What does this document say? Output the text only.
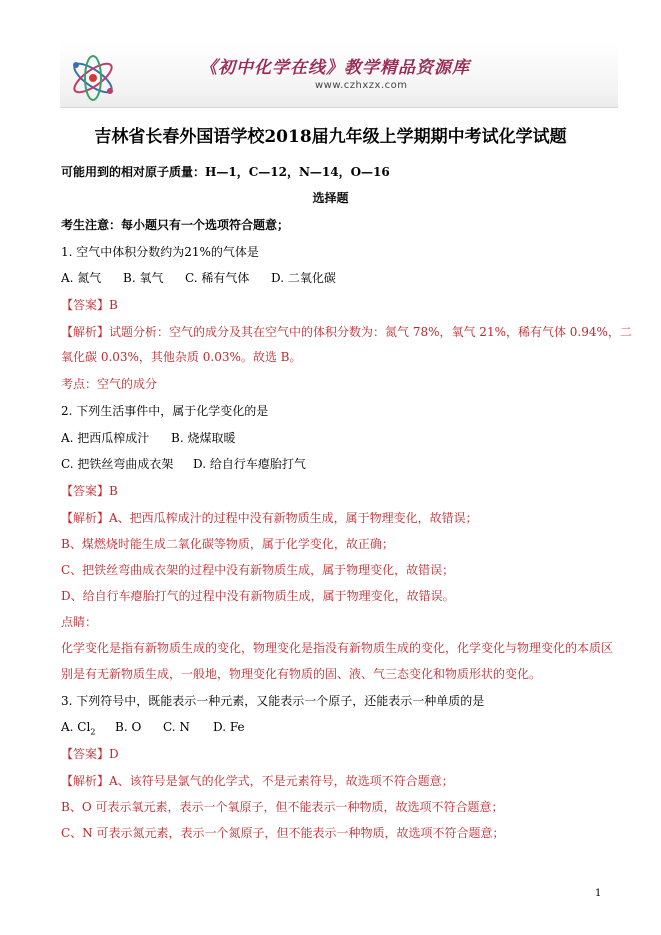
《初中化学在线》教学精品资源库
www.czhxzx.com
吉林省长春外国语学校2018届九年级上学期期中考试化学试题
可能用到的相对原子质量：H—1，C—12，N—14，O—16
选择题
考生注意：每小题只有一个选项符合题意；
1. 空气中体积分数约为21%的气体是
A. 氮气 B. 氧气 C. 稀有气体 D. 二氧化碳
【答案】B
【解析】试题分析：空气的成分及其在空气中的体积分数为：氮气 78%，氧气 21%，稀有气体 0.94%，二
氧化碳 0.03%，其他杂质 0.03%。故选 B。
考点：空气的成分
2. 下列生活事件中，属于化学变化的是
A. 把西瓜榨成汁 B. 烧煤取暖
C. 把铁丝弯曲成衣架 D. 给自行车瘪胎打气
【答案】B
【解析】A、把西瓜榨成汁的过程中没有新物质生成，属于物理变化，故错误；
B、煤燃烧时能生成二氧化碳等物质，属于化学变化，故正确；
C、把铁丝弯曲成衣架的过程中没有新物质生成，属于物理变化，故错误；
D、给自行车瘪胎打气的过程中没有新物质生成，属于物理变化，故错误。
点睛：
化学变化是指有新物质生成的变化，物理变化是指没有新物质生成的变化，化学变化与物理变化的本质区
别是有无新物质生成，一般地，物理变化有物质的固、液、气三态变化和物质形状的变化。
3. 下列符号中，既能表示一种元素，又能表示一个原子，还能表示一种单质的是
A. $Cl_2$ B. O C. N D. Fe
【答案】D
【解析】A、该符号是氯气的化学式，不是元素符号，故选项不符合题意；
B、O 可表示氧元素，表示一个氧原子，但不能表示一种物质，故选项不符合题意；
C、N 可表示氮元素，表示一个氮原子，但不能表示一种物质，故选项不符合题意；
1
